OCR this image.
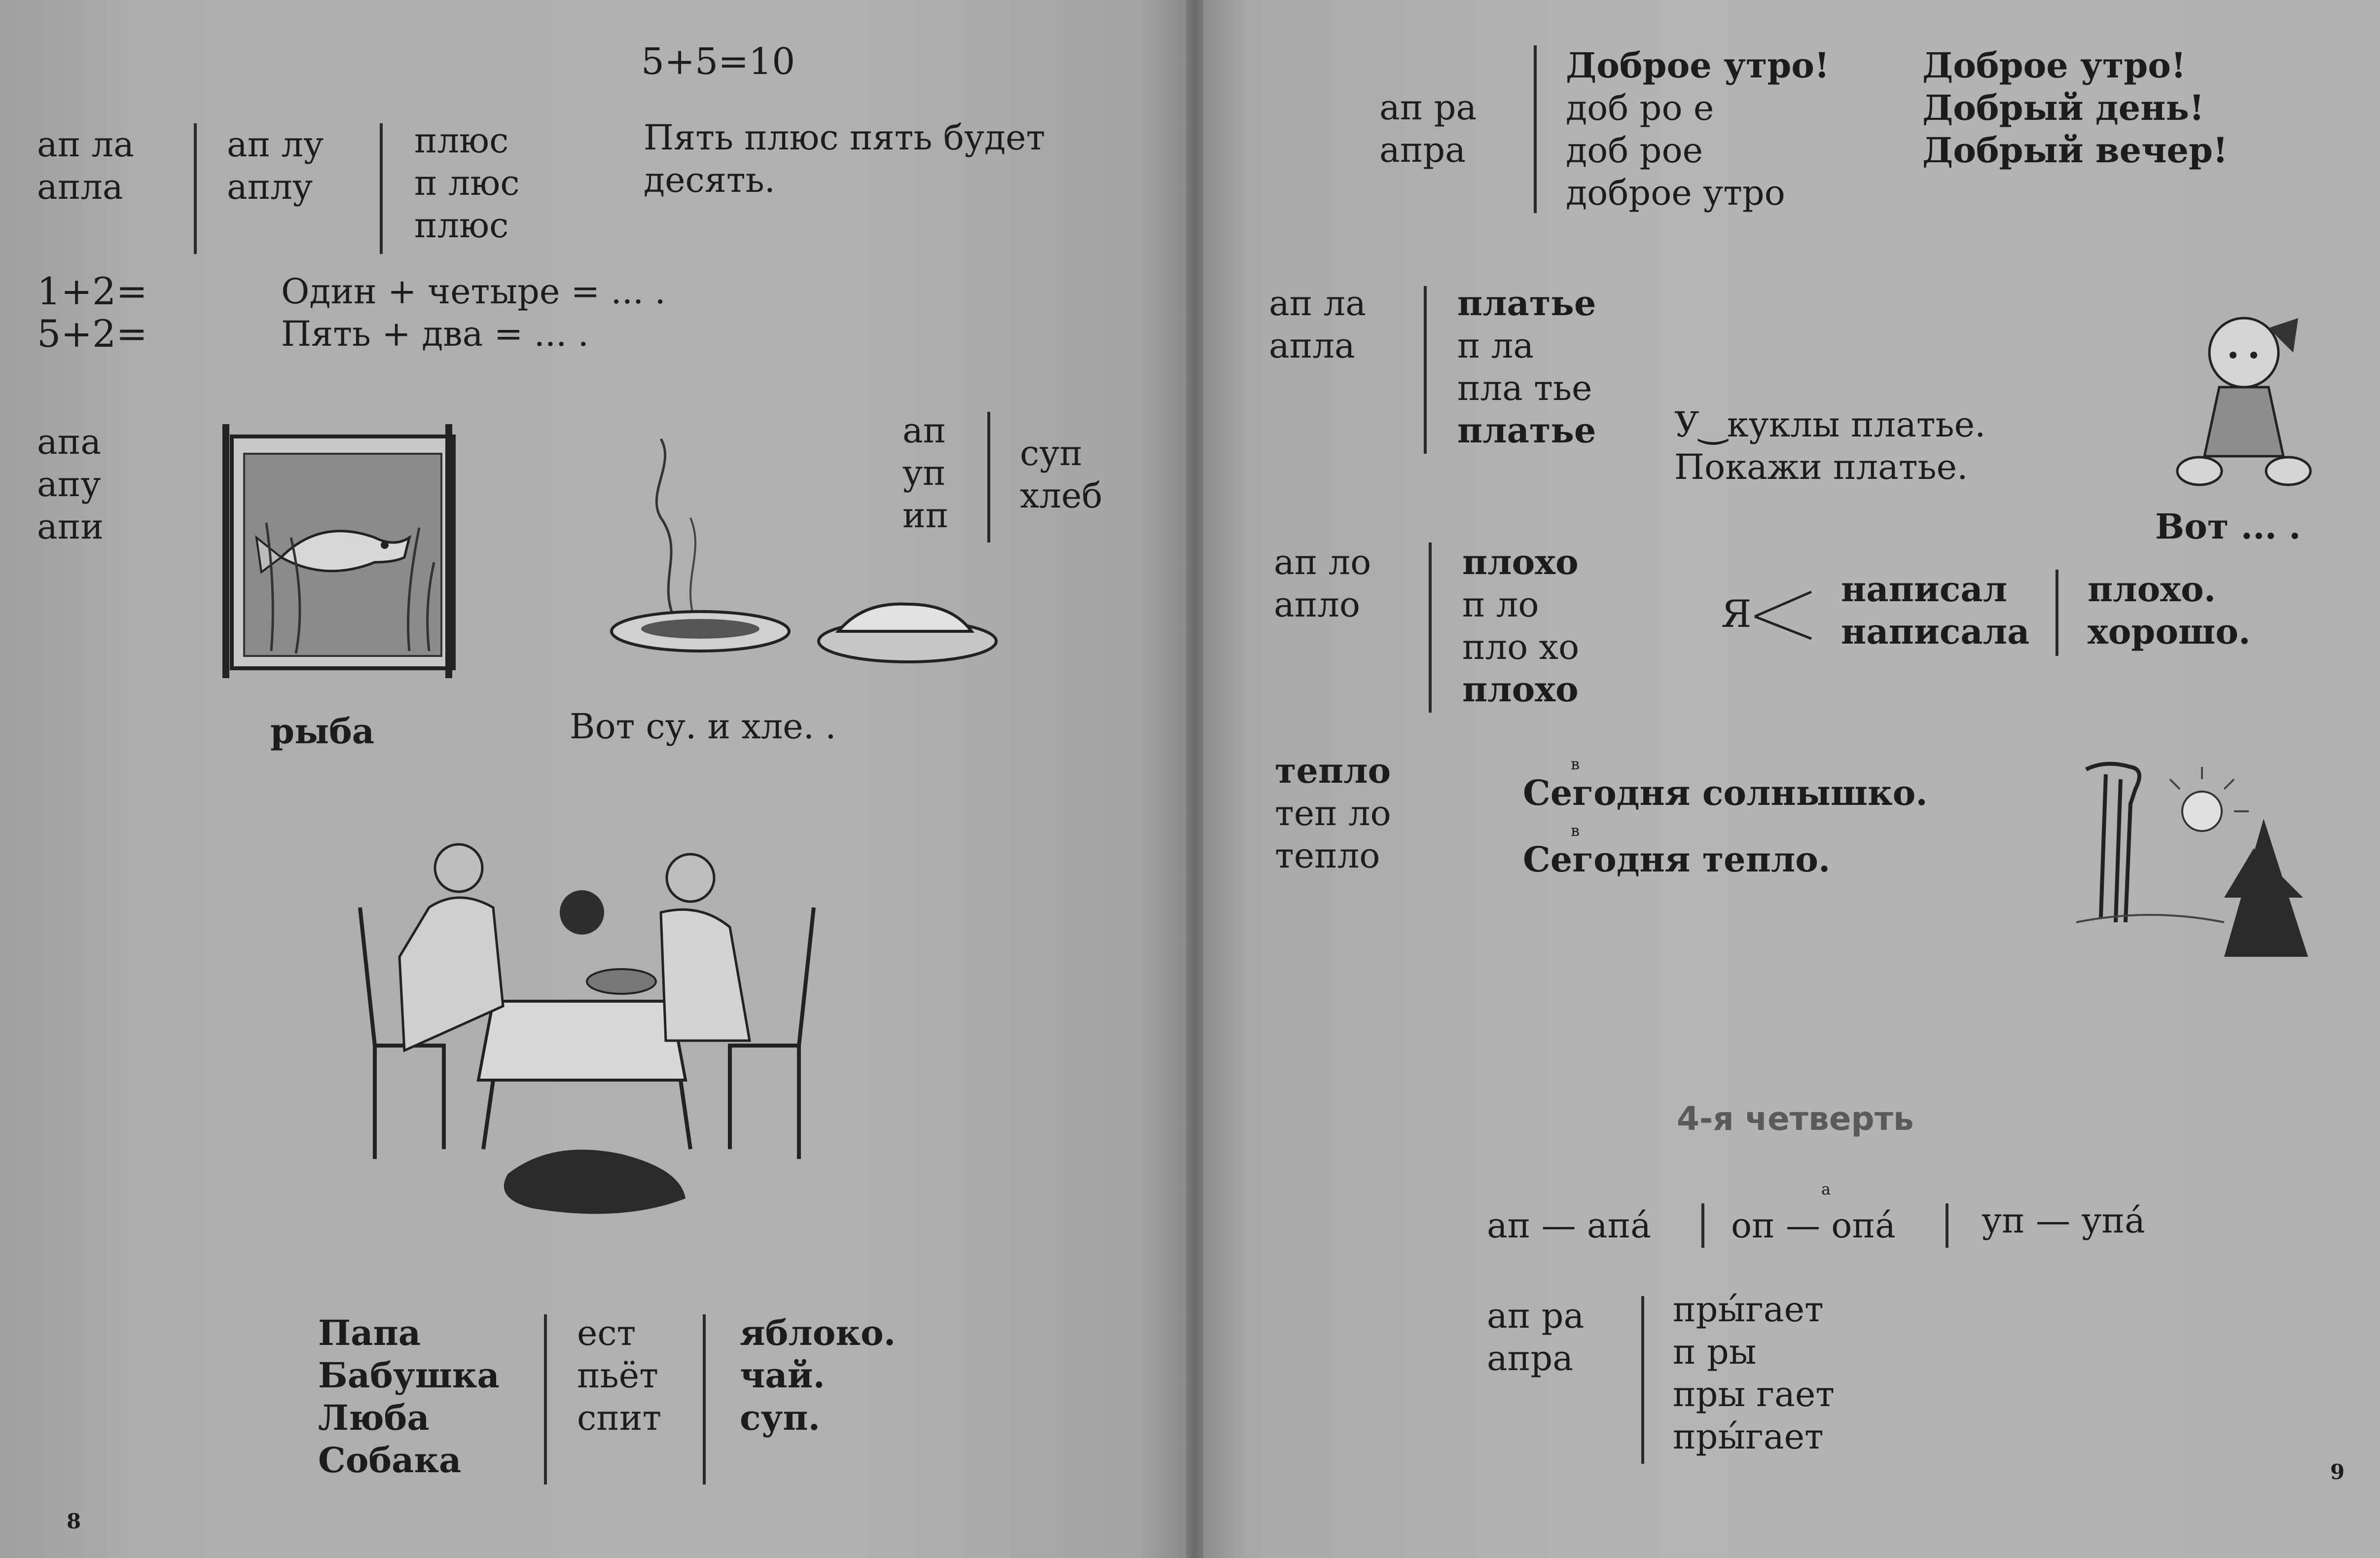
5+5=10
ап ла
апла
ап лу
аплу
плюс
п люс
плюс
Пять плюс пять будет
десять.
1+2=
5+2=
Один + четыре = ... .
Пять + два = ... .
апа
апу
апи
рыба
ап
уп
ип
суп
хлеб
Вот су. и хле. .
Папа
Бабушка
Люба
Собака
ест
пьёт
спит
яблоко.
чай.
суп.
8
ап ра
апра
Доброе утро!
доб ро е
доб рое
доброе утро
Доброе утро!
Добрый день!
Добрый вечер!
ап ла
апла
платье
п ла
пла тье
платье У‿куклы платье.
Покажи платье.
Вот ... .
ап ло
апло
плохо
п ло
пло хо
плохо
Я
написал
написала
плохо.
хорошо.
тепло
теп ло
тепло
в
в
Сегодня солнышко.
Сегодня тепло.
4-я четверть
а
ап — апа́ оп — опа́ уп — упа́
ап ра
апра
пры́гает
п ры
пры гает
пры́гает
9
